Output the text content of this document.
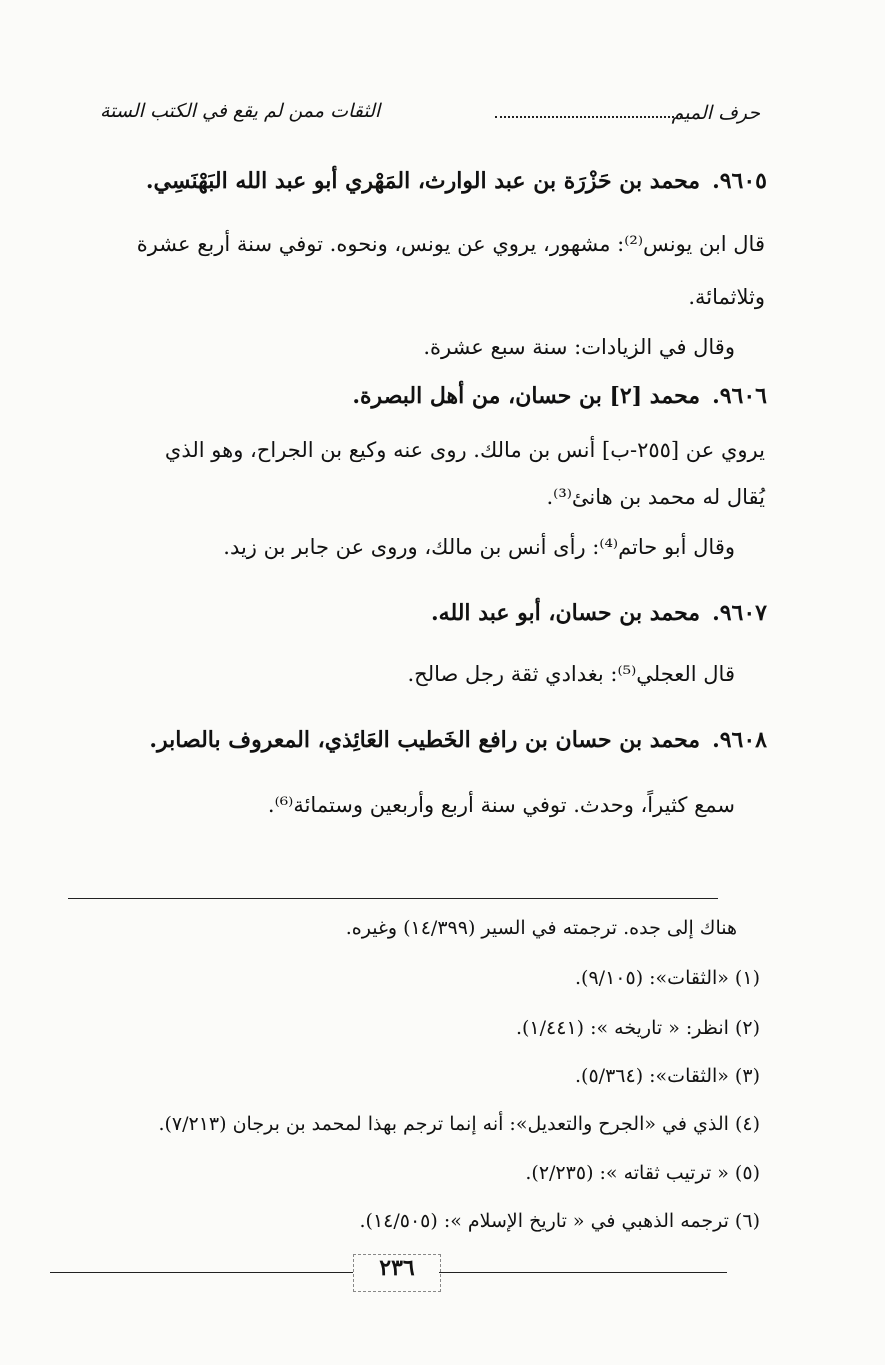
حرف الميم
الثقات ممن لم يقع في الكتب الستة
٩٦٠٥.محمد بن حَزْرَة بن عبد الوارث، المَهْري أبو عبد الله البَهْنَسِي.
قال ابن يونس⁽²⁾: مشهور، يروي عن يونس، ونحوه. توفي سنة أربع عشرة
وثلاثمائة.
وقال في الزيادات: سنة سبع عشرة.
٩٦٠٦.محمد [٢] بن حسان، من أهل البصرة.
يروي عن [٢٥٥-ب] أنس بن مالك. روى عنه وكيع بن الجراح، وهو الذي
يُقال له محمد بن هانئ⁽³⁾.
وقال أبو حاتم⁽⁴⁾: رأى أنس بن مالك، وروى عن جابر بن زيد.
٩٦٠٧.محمد بن حسان، أبو عبد الله.
قال العجلي⁽⁵⁾: بغدادي ثقة رجل صالح.
٩٦٠٨.محمد بن حسان بن رافع الخَطيب العَائِذي، المعروف بالصابر.
سمع كثيراً، وحدث. توفي سنة أربع وأربعين وستمائة⁽⁶⁾.
هناك إلى جده. ترجمته في السير (١٤/٣٩٩) وغيره.
(١) «الثقات»: (٩/١٠٥).
(٢) انظر: « تاريخه »: (١/٤٤١).
(٣) «الثقات»: (٥/٣٦٤).
(٤) الذي في «الجرح والتعديل»: أنه إنما ترجم بهذا لمحمد بن برجان (٧/٢١٣).
(٥) « ترتيب ثقاته »: (٢/٢٣٥).
(٦) ترجمه الذهبي في « تاريخ الإسلام »: (١٤/٥٠٥).
٢٣٦
